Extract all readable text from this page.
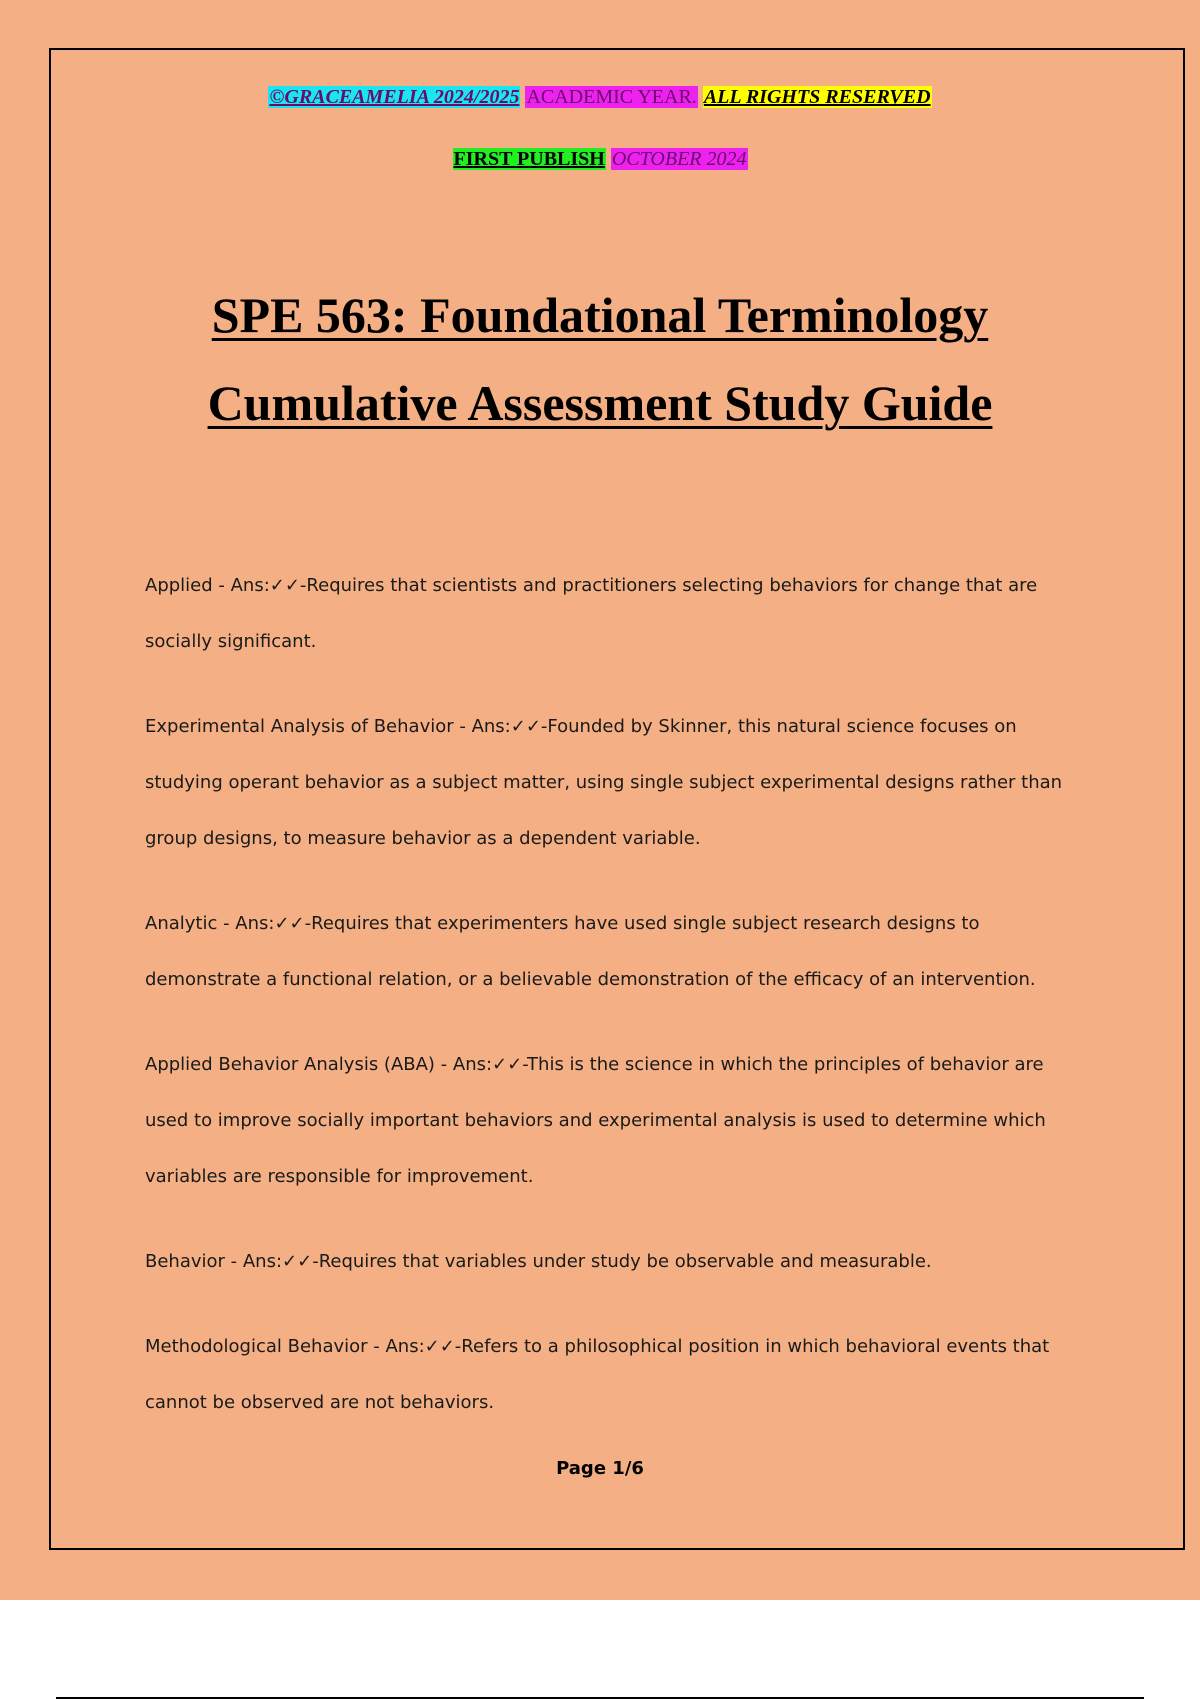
©GRACEAMELIA 2024/2025 ACADEMIC YEAR. ALL RIGHTS RESERVED
FIRST PUBLISH OCTOBER 2024
SPE 563: Foundational Terminology
Cumulative Assessment Study Guide

Applied - Ans:✓✓-Requires that scientists and practitioners selecting behaviors for change that are socially significant.

Experimental Analysis of Behavior - Ans:✓✓-Founded by Skinner, this natural science focuses on studying operant behavior as a subject matter, using single subject experimental designs rather than group designs, to measure behavior as a dependent variable.

Analytic - Ans:✓✓-Requires that experimenters have used single subject research designs to demonstrate a functional relation, or a believable demonstration of the efficacy of an intervention.

Applied Behavior Analysis (ABA) - Ans:✓✓-This is the science in which the principles of behavior are used to improve socially important behaviors and experimental analysis is used to determine which variables are responsible for improvement.

Behavior - Ans:✓✓-Requires that variables under study be observable and measurable.

Methodological Behavior - Ans:✓✓-Refers to a philosophical position in which behavioral events that cannot be observed are not behaviors.

Page 1/6
